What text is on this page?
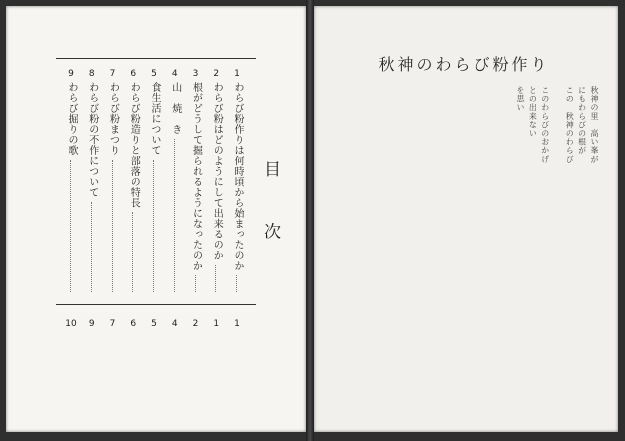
1
わらび粉作りは何時頃から始まったのか
2
わらび粉はどのようにして出来るのか
3
根がどうして掘られるようになったのか
4
山　焼　き
5
食生活について
6
わらび粉造りと部落の特長
7
わらび粉まつり
8
わらび粉の不作について
9
わらび掘りの歌
1
1
2
4
5
6
7
9
10
目 次
秋神のわらび粉作り

秋神の里　高い峯が

にもわらびの根が

この　秋神のわらび

このわらびのおかげ

との出来ない

を思い
